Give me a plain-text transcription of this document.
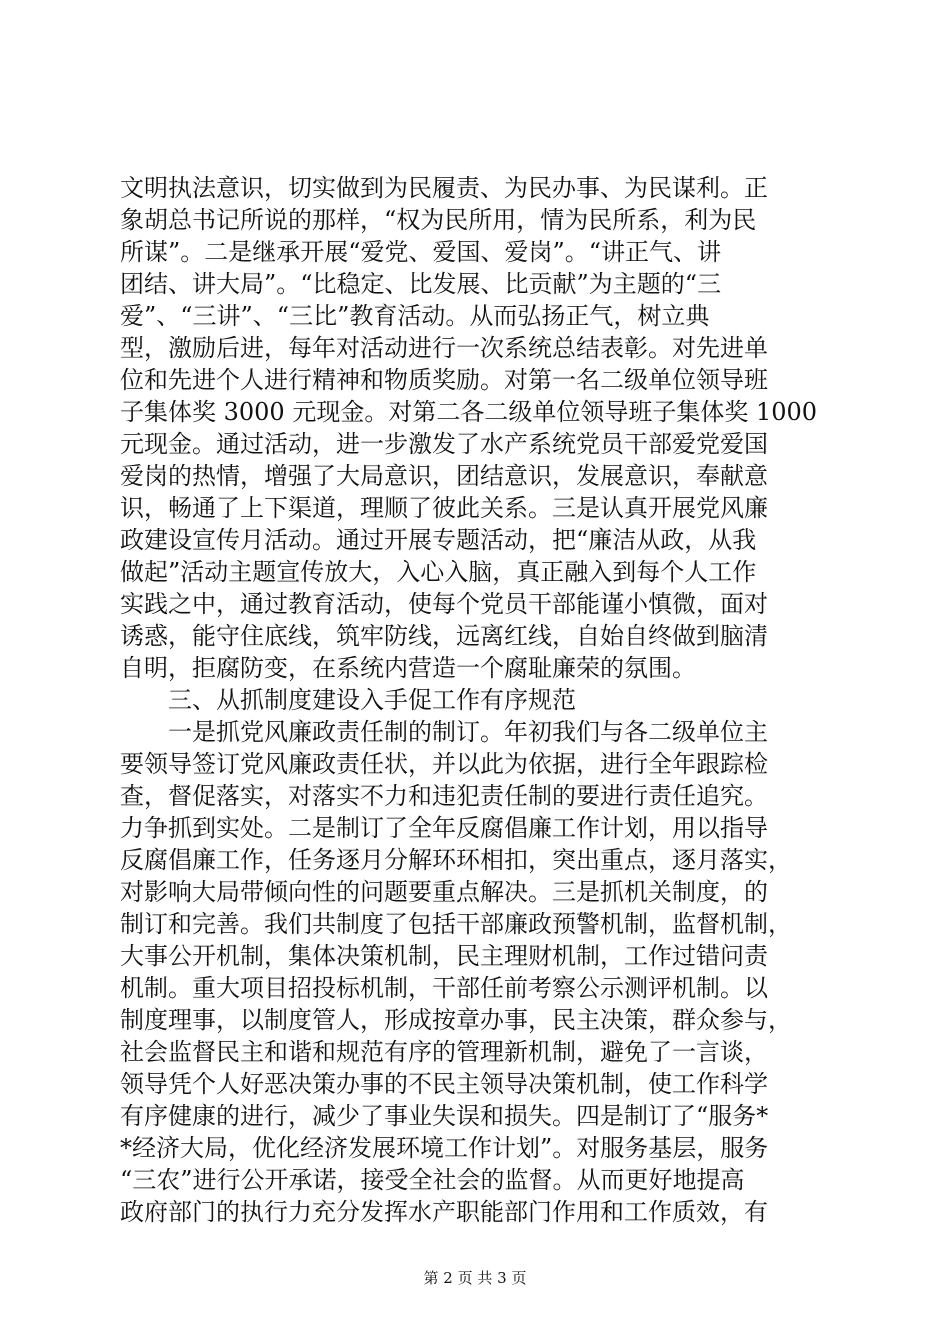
文明执法意识，切实做到为民履责、为民办事、为民谋利。正
象胡总书记所说的那样，“权为民所用，情为民所系，利为民
所谋”。二是继承开展“爱党、爱国、爱岗”。“讲正气、讲
团结、讲大局”。“比稳定、比发展、比贡献”为主题的“三
爱”、“三讲”、“三比”教育活动。从而弘扬正气，树立典
型，激励后进，每年对活动进行一次系统总结表彰。对先进单
位和先进个人进行精神和物质奖励。对第一名二级单位领导班
子集体奖 3000 元现金。对第二各二级单位领导班子集体奖 1000
元现金。通过活动，进一步激发了水产系统党员干部爱党爱国
爱岗的热情，增强了大局意识，团结意识，发展意识，奉献意
识，畅通了上下渠道，理顺了彼此关系。三是认真开展党风廉
政建设宣传月活动。通过开展专题活动，把“廉洁从政，从我
做起”活动主题宣传放大，入心入脑，真正融入到每个人工作
实践之中，通过教育活动，使每个党员干部能谨小慎微，面对
诱惑，能守住底线，筑牢防线，远离红线，自始自终做到脑清
自明，拒腐防变，在系统内营造一个腐耻廉荣的氛围。
　　三、从抓制度建设入手促工作有序规范
　　一是抓党风廉政责任制的制订。年初我们与各二级单位主
要领导签订党风廉政责任状，并以此为依据，进行全年跟踪检
查，督促落实，对落实不力和违犯责任制的要进行责任追究。
力争抓到实处。二是制订了全年反腐倡廉工作计划，用以指导
反腐倡廉工作，任务逐月分解环环相扣，突出重点，逐月落实，
对影响大局带倾向性的问题要重点解决。三是抓机关制度，的
制订和完善。我们共制度了包括干部廉政预警机制，监督机制，
大事公开机制，集体决策机制，民主理财机制，工作过错问责
机制。重大项目招投标机制，干部任前考察公示测评机制。以
制度理事，以制度管人，形成按章办事，民主决策，群众参与，
社会监督民主和谐和规范有序的管理新机制，避免了一言谈，
领导凭个人好恶决策办事的不民主领导决策机制，使工作科学
有序健康的进行，减少了事业失误和损失。四是制订了“服务*
*经济大局，优化经济发展环境工作计划”。对服务基层，服务
“三农”进行公开承诺，接受全社会的监督。从而更好地提高
政府部门的执行力充分发挥水产职能部门作用和工作质效，有
第 2 页 共 3 页
